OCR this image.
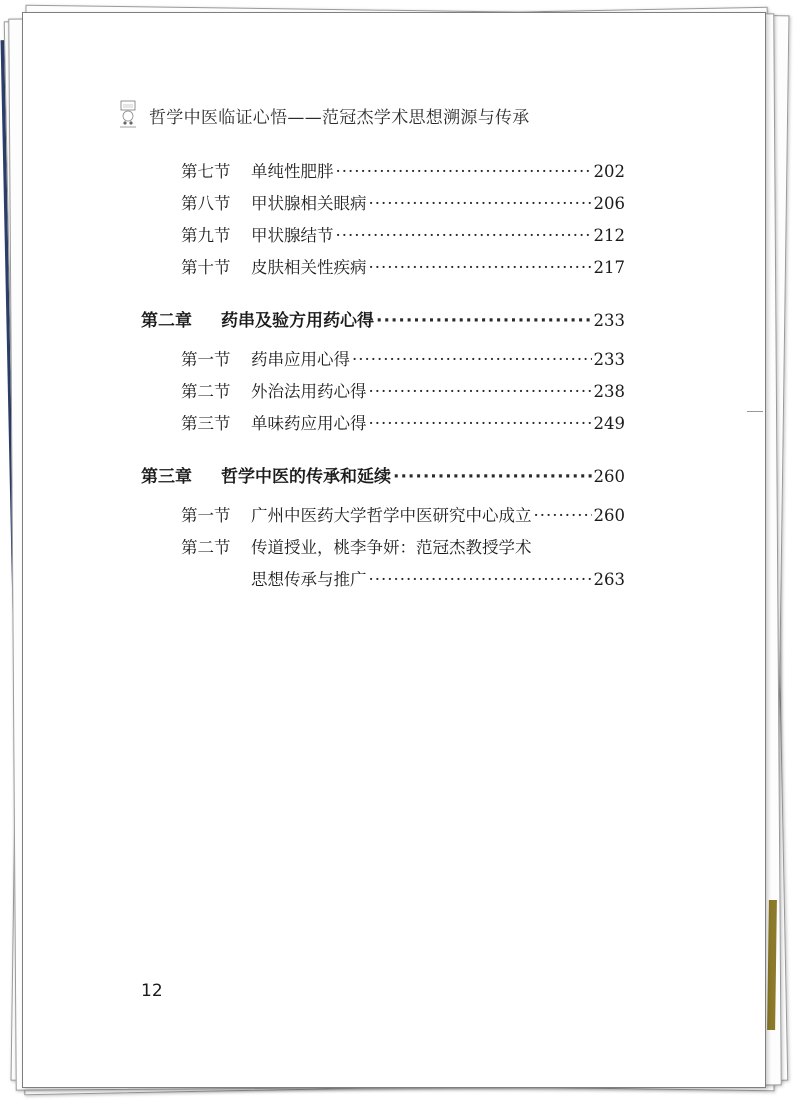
哲学中医临证心悟——范冠杰学术思想溯源与传承
第七节	单纯性肥胖 ·····	202
第八节	甲状腺相关眼病 ·····	206
第九节	甲状腺结节 ·····	212
第十节	皮肤相关性疾病 ·····	217
第二章	药串及验方用药心得 ·····	233
第一节	药串应用心得 ·····	233
第二节	外治法用药心得 ·····	238
第三节	单味药应用心得 ·····	249
第三章	哲学中医的传承和延续 ·····	260
第一节	广州中医药大学哲学中医研究中心成立 ·····	260
第二节 传道授业，桃李争妍：范冠杰教授学术
思想传承与推广 ·····	263
12
